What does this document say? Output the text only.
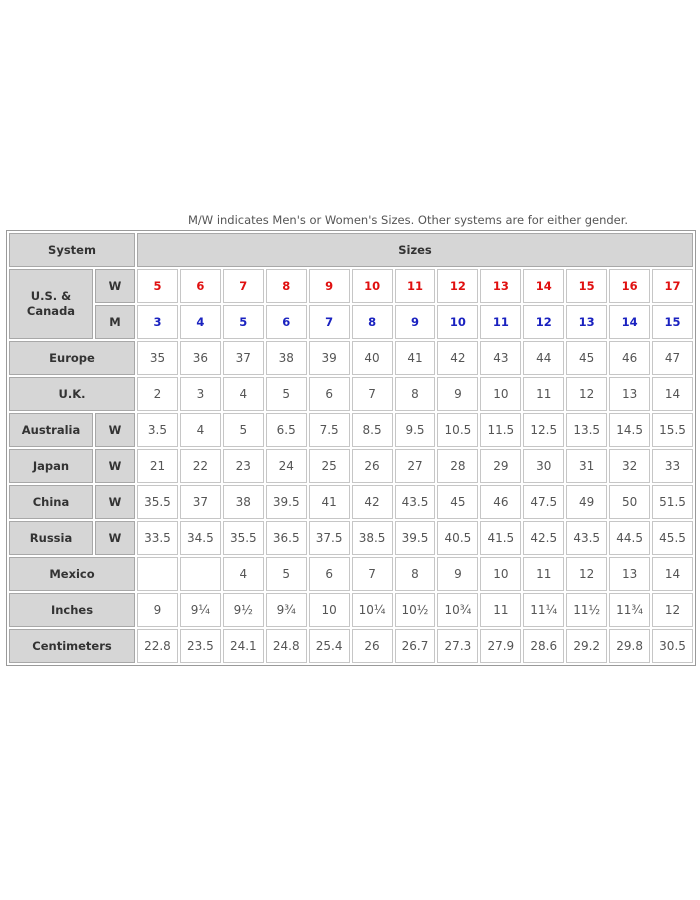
M/W indicates Men's or Women's Sizes. Other systems are for either gender.
System		Sizes												
U.S. & Canada	W	5	6	7	8	9	10	11	12	13	14	15	16	17
	M	3	4	5	6	7	8	9	10	11	12	13	14	15
Europe		35	36	37	38	39	40	41	42	43	44	45	46	47
U.K.		2	3	4	5	6	7	8	9	10	11	12	13	14
Australia	W	3.5	4	5	6.5	7.5	8.5	9.5	10.5	11.5	12.5	13.5	14.5	15.5
Japan	W	21	22	23	24	25	26	27	28	29	30	31	32	33
China	W	35.5	37	38	39.5	41	42	43.5	45	46	47.5	49	50	51.5
Russia	W	33.5	34.5	35.5	36.5	37.5	38.5	39.5	40.5	41.5	42.5	43.5	44.5	45.5
Mexico				4	5	6	7	8	9	10	11	12	13	14
Inches		9	9¼	9½	9¾	10	10¼	10½	10¾	11	11¼	11½	11¾	12
Centimeters		22.8	23.5	24.1	24.8	25.4	26	26.7	27.3	27.9	28.6	29.2	29.8	30.5
